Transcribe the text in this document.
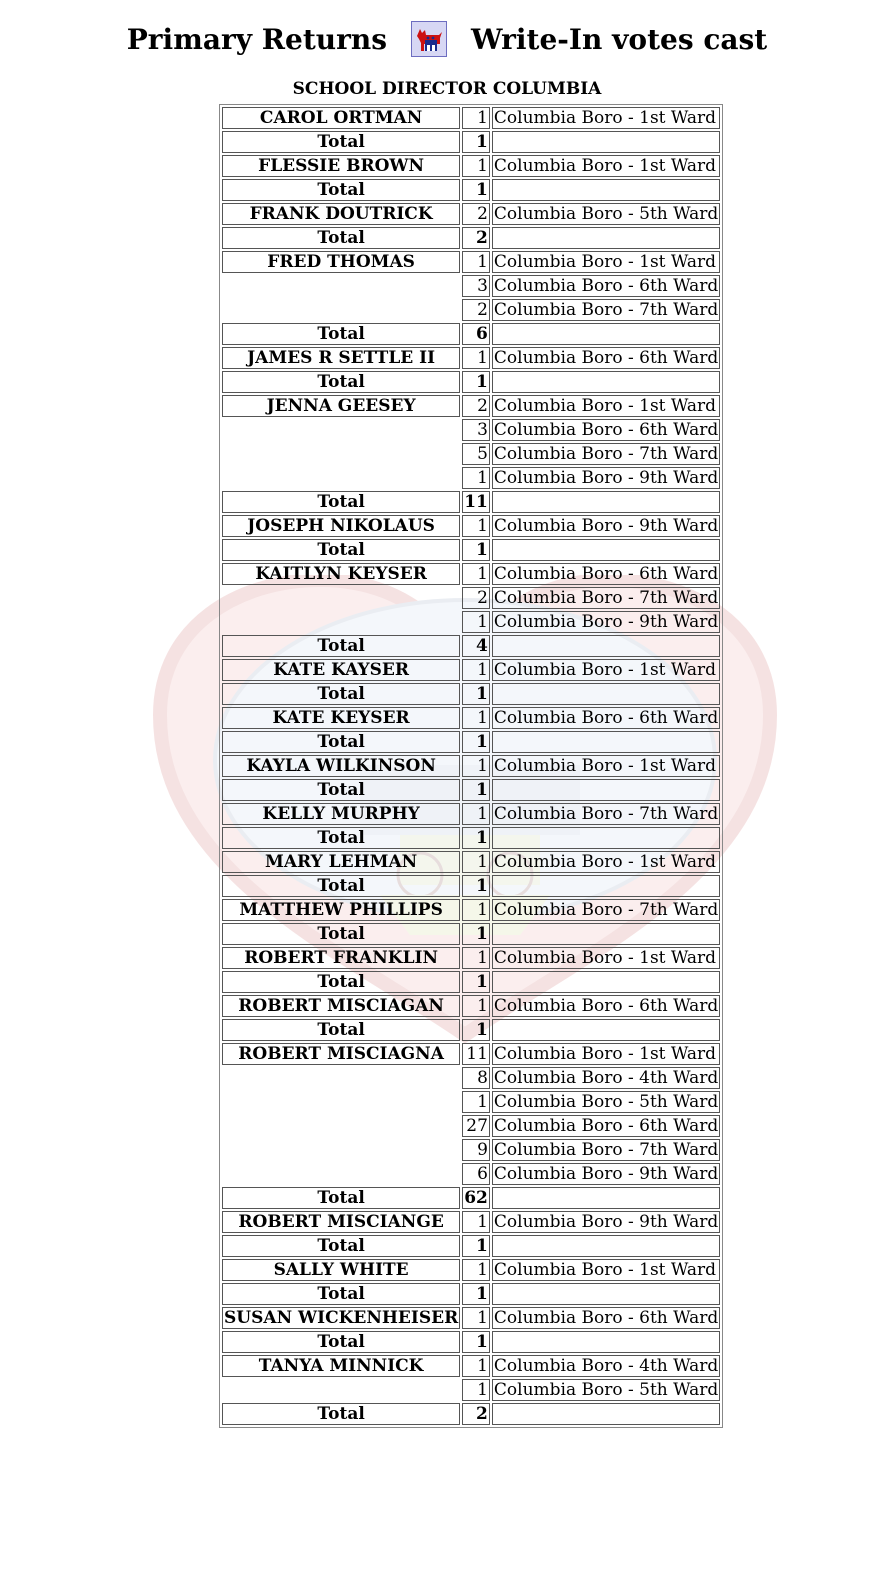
Primary Returns	Write-In votes cast
SCHOOL DIRECTOR COLUMBIA
CAROL ORTMAN	1	Columbia Boro - 1st Ward
Total	1	
FLESSIE BROWN	1	Columbia Boro - 1st Ward
Total	1	
FRANK DOUTRICK	2	Columbia Boro - 5th Ward
Total	2	
FRED THOMAS	1	Columbia Boro - 1st Ward
	3	Columbia Boro - 6th Ward
	2	Columbia Boro - 7th Ward
Total	6	
JAMES R SETTLE II	1	Columbia Boro - 6th Ward
Total	1	
JENNA GEESEY	2	Columbia Boro - 1st Ward
	3	Columbia Boro - 6th Ward
	5	Columbia Boro - 7th Ward
	1	Columbia Boro - 9th Ward
Total	11	
JOSEPH NIKOLAUS	1	Columbia Boro - 9th Ward
Total	1	
KAITLYN KEYSER	1	Columbia Boro - 6th Ward
	2	Columbia Boro - 7th Ward
	1	Columbia Boro - 9th Ward
Total	4	
KATE KAYSER	1	Columbia Boro - 1st Ward
Total	1	
KATE KEYSER	1	Columbia Boro - 6th Ward
Total	1	
KAYLA WILKINSON	1	Columbia Boro - 1st Ward
Total	1	
KELLY MURPHY	1	Columbia Boro - 7th Ward
Total	1	
MARY LEHMAN	1	Columbia Boro - 1st Ward
Total	1	
MATTHEW PHILLIPS	1	Columbia Boro - 7th Ward
Total	1	
ROBERT FRANKLIN	1	Columbia Boro - 1st Ward
Total	1	
ROBERT MISCIAGAN	1	Columbia Boro - 6th Ward
Total	1	
ROBERT MISCIAGNA	11	Columbia Boro - 1st Ward
	8	Columbia Boro - 4th Ward
	1	Columbia Boro - 5th Ward
	27	Columbia Boro - 6th Ward
	9	Columbia Boro - 7th Ward
	6	Columbia Boro - 9th Ward
Total	62	
ROBERT MISCIANGE	1	Columbia Boro - 9th Ward
Total	1	
SALLY WHITE	1	Columbia Boro - 1st Ward
Total	1	
SUSAN WICKENHEISER	1	Columbia Boro - 6th Ward
Total	1	
TANYA MINNICK	1	Columbia Boro - 4th Ward
	1	Columbia Boro - 5th Ward
Total	2	
